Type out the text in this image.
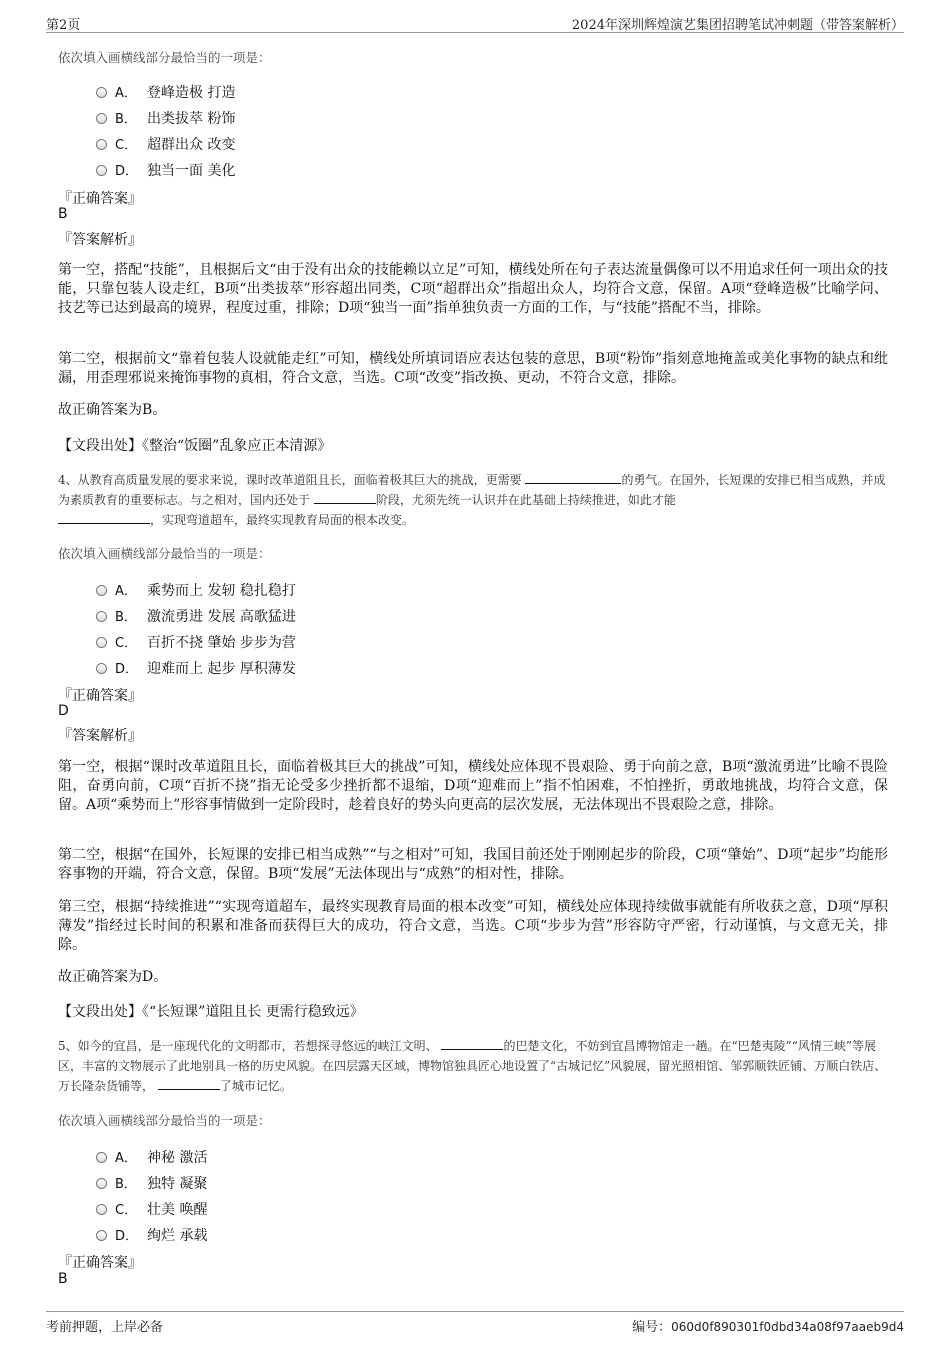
第2页	2024年深圳辉煌演艺集团招聘笔试冲刺题（带答案解析）
依次填入画横线部分最恰当的一项是：
A． 登峰造极 打造
B． 出类拔萃 粉饰
C． 超群出众 改变
D． 独当一面 美化
『正确答案』
B
『答案解析』
第一空，搭配“技能”，且根据后文“由于没有出众的技能赖以立足”可知，横线处所在句子表达流量偶像可以不用追求任何一项出众的技能，只靠包装人设走红，B项“出类拔萃”形容超出同类，C项“超群出众”指超出众人，均符合文意，保留。A项“登峰造极”比喻学问、技艺等已达到最高的境界，程度过重，排除；D项“独当一面”指单独负责一方面的工作，与“技能”搭配不当，排除。
第二空，根据前文“靠着包装人设就能走红”可知，横线处所填词语应表达包装的意思，B项“粉饰”指刻意地掩盖或美化事物的缺点和纰漏，用歪理邪说来掩饰事物的真相，符合文意，当选。C项“改变”指改换、更动，不符合文意，排除。
故正确答案为B。
【文段出处】《整治“饭圈”乱象应正本清源》
4、从教育高质量发展的要求来说，课时改革道阻且长，面临着极其巨大的挑战，更需要	的勇气。在国外，长短课的安排已相当成熟，并成为素质教育的重要标志。与之相对，国内还处于	阶段，尤须先统一认识并在此基础上持续推进，如此才能
，实现弯道超车，最终实现教育局面的根本改变。
依次填入画横线部分最恰当的一项是：
A． 乘势而上 发轫 稳扎稳打
B． 激流勇进 发展 高歌猛进
C． 百折不挠 肇始 步步为营
D． 迎难而上 起步 厚积薄发
『正确答案』
D
『答案解析』
第一空，根据“课时改革道阻且长，面临着极其巨大的挑战”可知，横线处应体现不畏艰险、勇于向前之意，B项“激流勇进”比喻不畏险阻，奋勇向前，C项“百折不挠”指无论受多少挫折都不退缩，D项“迎难而上”指不怕困难，不怕挫折，勇敢地挑战，均符合文意，保留。A项“乘势而上”形容事情做到一定阶段时，趁着良好的势头向更高的层次发展，无法体现出不畏艰险之意，排除。
第二空，根据“在国外，长短课的安排已相当成熟”“与之相对”可知，我国目前还处于刚刚起步的阶段，C项“肇始”、D项“起步”均能形容事物的开端，符合文意，保留。B项“发展”无法体现出与“成熟”的相对性，排除。
第三空，根据“持续推进”“实现弯道超车，最终实现教育局面的根本改变”可知，横线处应体现持续做事就能有所收获之意，D项“厚积薄发”指经过长时间的积累和准备而获得巨大的成功，符合文意，当选。C项“步步为营”形容防守严密，行动谨慎，与文意无关，排除。
故正确答案为D。
【文段出处】《“长短课”道阻且长 更需行稳致远》
5、如今的宜昌，是一座现代化的文明都市，若想探寻悠远的峡江文明、	的巴楚文化，不妨到宜昌博物馆走一趟。在“巴楚夷陵”“风情三峡”等展区，丰富的文物展示了此地别具一格的历史风貌。在四层露天区域，博物馆独具匠心地设置了“古城记忆”风貌展，留光照相馆、邹郭顺铁匠铺、万顺白铁店、万长隆杂货铺等，	了城市记忆。
依次填入画横线部分最恰当的一项是：
A． 神秘 激活
B． 独特 凝聚
C． 壮美 唤醒
D． 绚烂 承载
『正确答案』
B
考前押题，上岸必备	编号：060d0f890301f0dbd34a08f97aaeb9d4
